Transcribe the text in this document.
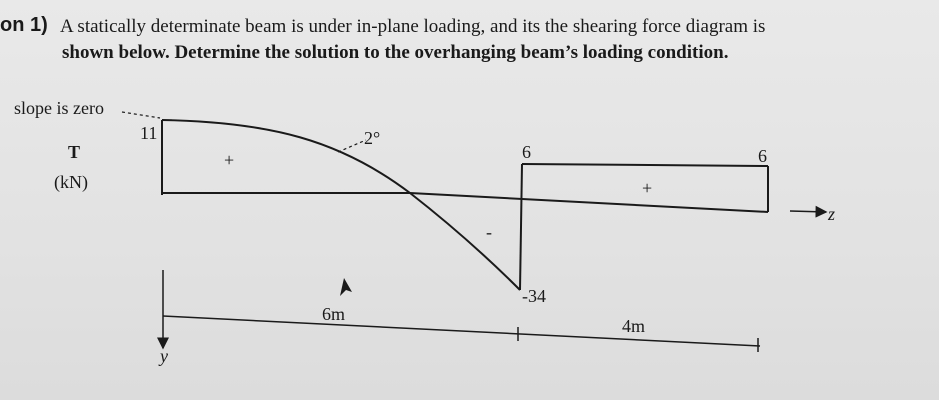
on 1) A statically determinate beam is under in-plane loading, and its the shearing force diagram is
shown below. Determine the solution to the overhanging beam’s loading condition.
slope is zero
T
(kN)
11	2°
6	6
-34
+
-
+
6m
4m
z
y
